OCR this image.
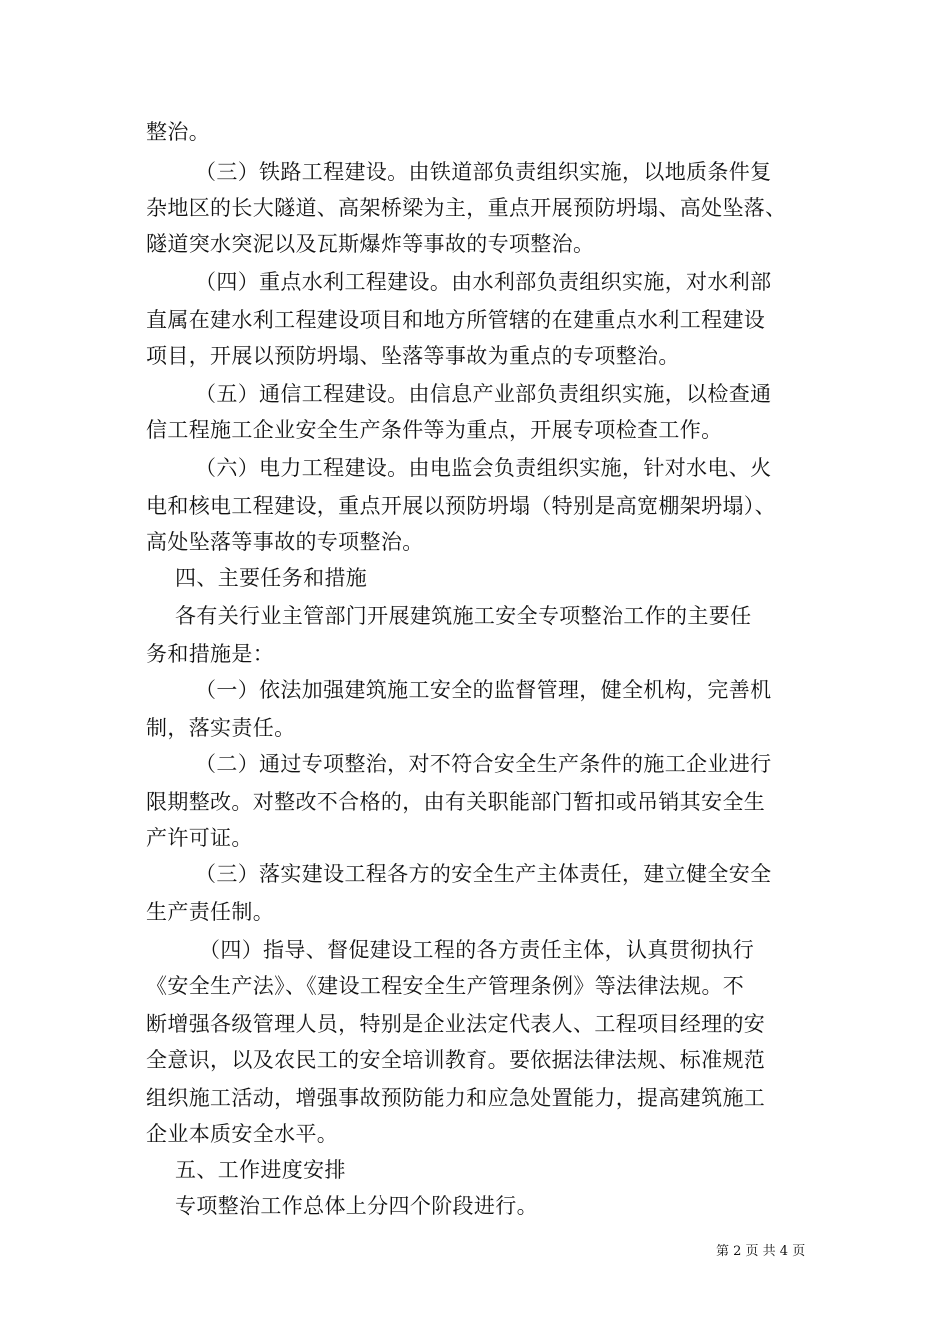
整治。
（三）铁路工程建设。由铁道部负责组织实施，以地质条件复
杂地区的长大隧道、高架桥梁为主，重点开展预防坍塌、高处坠落、
隧道突水突泥以及瓦斯爆炸等事故的专项整治。
（四）重点水利工程建设。由水利部负责组织实施，对水利部
直属在建水利工程建设项目和地方所管辖的在建重点水利工程建设
项目，开展以预防坍塌、坠落等事故为重点的专项整治。
（五）通信工程建设。由信息产业部负责组织实施，以检查通
信工程施工企业安全生产条件等为重点，开展专项检查工作。
（六）电力工程建设。由电监会负责组织实施，针对水电、火
电和核电工程建设，重点开展以预防坍塌（特别是高宽棚架坍塌）、
高处坠落等事故的专项整治。
四、主要任务和措施
各有关行业主管部门开展建筑施工安全专项整治工作的主要任
务和措施是：
（一）依法加强建筑施工安全的监督管理，健全机构，完善机
制，落实责任。
（二）通过专项整治，对不符合安全生产条件的施工企业进行
限期整改。对整改不合格的，由有关职能部门暂扣或吊销其安全生
产许可证。
（三）落实建设工程各方的安全生产主体责任，建立健全安全
生产责任制。
（四）指导、督促建设工程的各方责任主体，认真贯彻执行
《安全生产法》、《建设工程安全生产管理条例》等法律法规。不
断增强各级管理人员，特别是企业法定代表人、工程项目经理的安
全意识，以及农民工的安全培训教育。要依据法律法规、标准规范
组织施工活动，增强事故预防能力和应急处置能力，提高建筑施工
企业本质安全水平。
五、工作进度安排
专项整治工作总体上分四个阶段进行。
第 2 页 共 4 页
